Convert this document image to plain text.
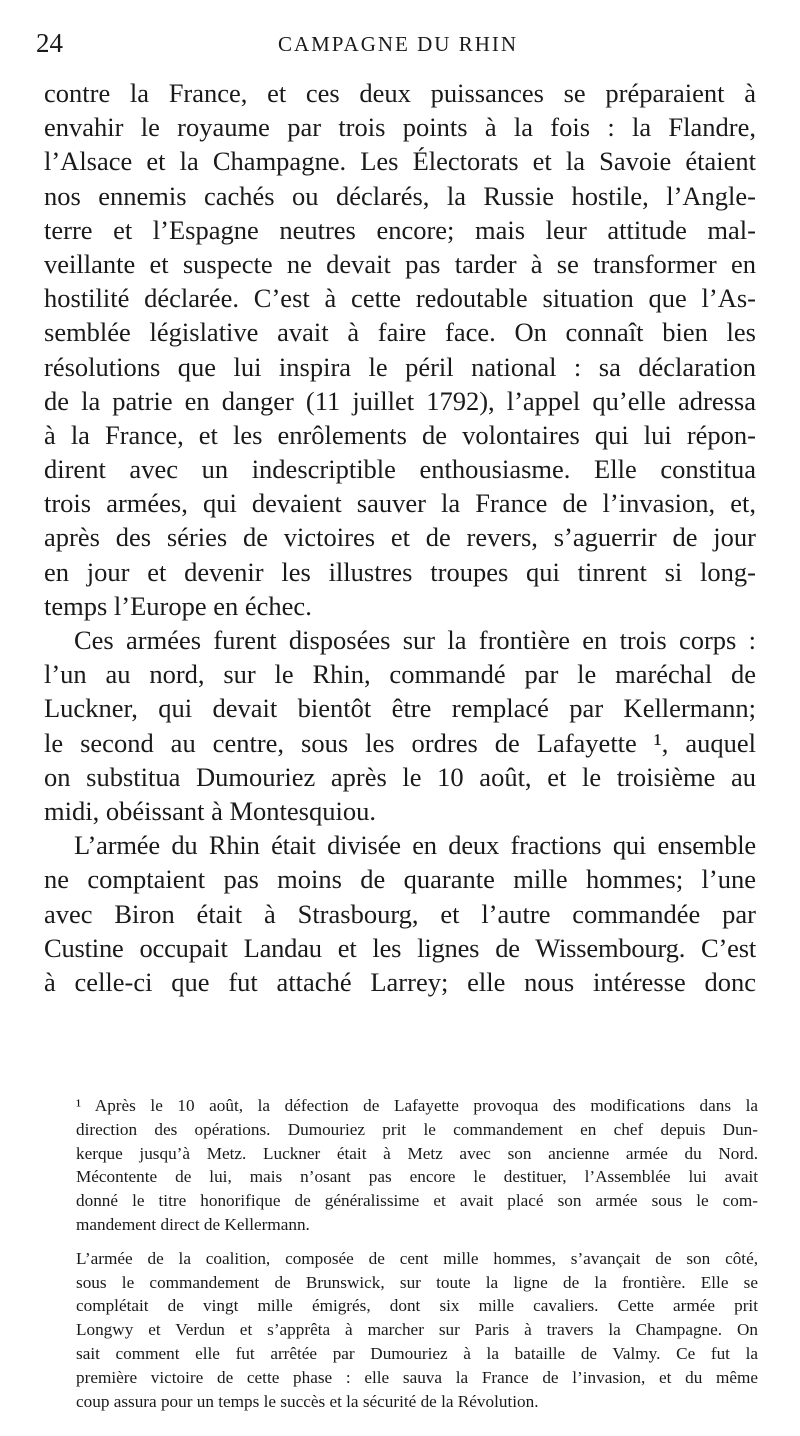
24	CAMPAGNE DU RHIN
contre la France, et ces deux puissances se préparaient à
envahir le royaume par trois points à la fois : la Flandre,
l’Alsace et la Champagne. Les Électorats et la Savoie étaient
nos ennemis cachés ou déclarés, la Russie hostile, l’Angle-
terre et l’Espagne neutres encore; mais leur attitude mal-
veillante et suspecte ne devait pas tarder à se transformer en
hostilité déclarée. C’est à cette redoutable situation que l’As-
semblée législative avait à faire face. On connaît bien les
résolutions que lui inspira le péril national : sa déclaration
de la patrie en danger (11 juillet 1792), l’appel qu’elle adressa
à la France, et les enrôlements de volontaires qui lui répon-
dirent avec un indescriptible enthousiasme. Elle constitua
trois armées, qui devaient sauver la France de l’invasion, et,
après des séries de victoires et de revers, s’aguerrir de jour
en jour et devenir les illustres troupes qui tinrent si long-
temps l’Europe en échec.
Ces armées furent disposées sur la frontière en trois corps :
l’un au nord, sur le Rhin, commandé par le maréchal de
Luckner, qui devait bientôt être remplacé par Kellermann;
le second au centre, sous les ordres de Lafayette ¹, auquel
on substitua Dumouriez après le 10 août, et le troisième au
midi, obéissant à Montesquiou.
L’armée du Rhin était divisée en deux fractions qui ensemble
ne comptaient pas moins de quarante mille hommes; l’une
avec Biron était à Strasbourg, et l’autre commandée par
Custine occupait Landau et les lignes de Wissembourg. C’est
à celle-ci que fut attaché Larrey; elle nous intéresse donc
¹ Après le 10 août, la défection de Lafayette provoqua des modifications dans la
direction des opérations. Dumouriez prit le commandement en chef depuis Dun-
kerque jusqu’à Metz. Luckner était à Metz avec son ancienne armée du Nord.
Mécontente de lui, mais n’osant pas encore le destituer, l’Assemblée lui avait
donné le titre honorifique de généralissime et avait placé son armée sous le com-
mandement direct de Kellermann.
L’armée de la coalition, composée de cent mille hommes, s’avançait de son côté,
sous le commandement de Brunswick, sur toute la ligne de la frontière. Elle se
complétait de vingt mille émigrés, dont six mille cavaliers. Cette armée prit
Longwy et Verdun et s’apprêta à marcher sur Paris à travers la Champagne. On
sait comment elle fut arrêtée par Dumouriez à la bataille de Valmy. Ce fut la
première victoire de cette phase : elle sauva la France de l’invasion, et du même
coup assura pour un temps le succès et la sécurité de la Révolution.
